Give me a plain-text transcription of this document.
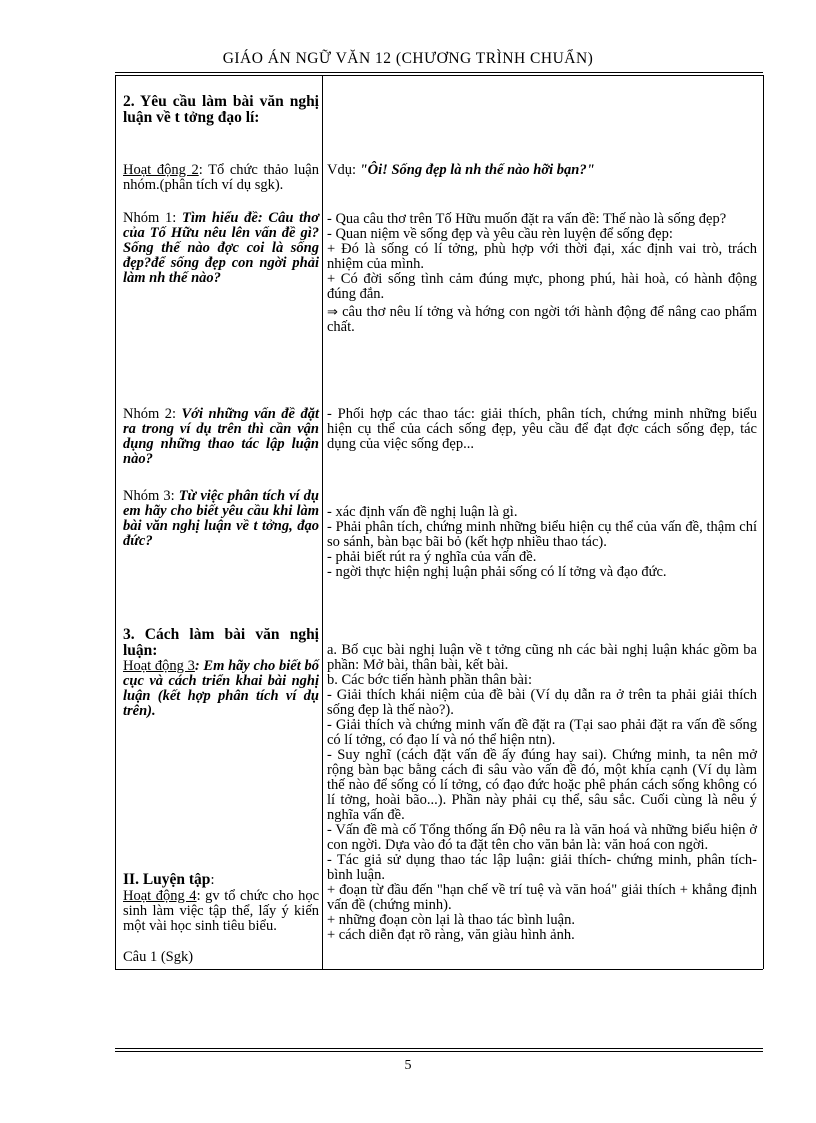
GIÁO ÁN NGỮ VĂN 12 (CHƯƠNG TRÌNH CHUẨN)
2. Yêu cầu làm bài văn nghị luận về t tởng đạo lí:
Hoạt động 2: Tổ chức thảo luận nhóm.(phân tích ví dụ sgk).
Nhóm 1: Tìm hiểu đề: Câu thơ của Tố Hữu nêu lên vấn đề gì?Sống thế nào đợc coi là sống đẹp?để sống đẹp con ngời phải làm nh thế nào?
Nhóm 2: Với những vấn đề đặt ra trong ví dụ trên thì cần vận dụng những thao tác lập luận nào?
Nhóm 3: Từ việc phân tích ví dụ em hãy cho biết yêu cầu khi làm bài văn nghị luận về t tởng, đạo đức?
3. Cách làm bài văn nghị luận:
Hoạt động 3: Em hãy cho biết bố cục và cách triển khai bài nghị luận (kết hợp phân tích ví dụ trên).
II. Luyện tập:
Hoạt động 4: gv tổ chức cho học sinh làm việc tập thể, lấy ý kiến một vài học sinh tiêu biểu.
Câu 1 (Sgk)
Vdụ: "Ôi! Sống đẹp là nh thế nào hỡi bạn?"

- Qua câu thơ trên Tố Hữu muốn đặt ra vấn đề: Thế nào là sống đẹp?

- Quan niệm về sống đẹp và yêu cầu rèn luyện để sống đẹp:

+ Đó là sống có lí tởng, phù hợp với thời đại, xác định vai trò, trách nhiệm của mình.

+ Có đời sống tình cảm đúng mực, phong phú, hài hoà, có hành động đúng đắn.

⇒ câu thơ nêu lí tởng và hớng con ngời tới hành động để nâng cao phẩm chất.

- Phối hợp các thao tác: giải thích, phân tích, chứng minh những biểu hiện cụ thể của cách sống đẹp, yêu cầu để đạt đợc cách sống đẹp, tác dụng của việc sống đẹp...

- xác định vấn đề nghị luận là gì.

- Phải phân tích, chứng minh những biểu hiện cụ thể của vấn đề, thậm chí so sánh, bàn bạc bãi bỏ (kết hợp nhiều thao tác).

- phải biết rút ra ý nghĩa của vấn đề.

- ngời thực hiện nghị luận phải sống có lí tởng và đạo đức.

a. Bố cục bài nghị luận về t tởng cũng nh các bài nghị luận khác gồm ba phần: Mở bài, thân bài, kết bài.

b. Các bớc tiến hành phần thân bài:

- Giải thích khái niệm của đề bài (Ví dụ dẫn ra ở trên ta phải giải thích sống đẹp là thế nào?).

- Giải thích và chứng minh vấn đề đặt ra (Tại sao phải đặt ra vấn đề sống có lí tởng, có đạo lí và nó thể hiện ntn).

- Suy nghĩ (cách đặt vấn đề ấy đúng hay sai). Chứng minh, ta nên mở rộng bàn bạc bằng cách đi sâu vào vấn đề đó, một khía cạnh (Ví dụ làm thế nào để sống có lí tởng, có đạo đức hoặc phê phán cách sống không có lí tởng, hoài bão...). Phần này phải cụ thể, sâu sắc. Cuối cùng là nêu ý nghĩa vấn đề.

- Vấn đề mà cố Tổng thống ấn Độ nêu ra là văn hoá và những biểu hiện ở con ngời. Dựa vào đó ta đặt tên cho văn bản là: văn hoá con ngời.

- Tác giả sử dụng thao tác lập luận: giải thích- chứng minh, phân tích- bình luận.

+ đoạn từ đầu đến "hạn chế về trí tuệ và văn hoá" giải thích + khẳng định vấn đề (chứng minh).

+ những đoạn còn lại là thao tác bình luận.

+ cách diễn đạt rõ ràng, văn giàu hình ảnh.

5
